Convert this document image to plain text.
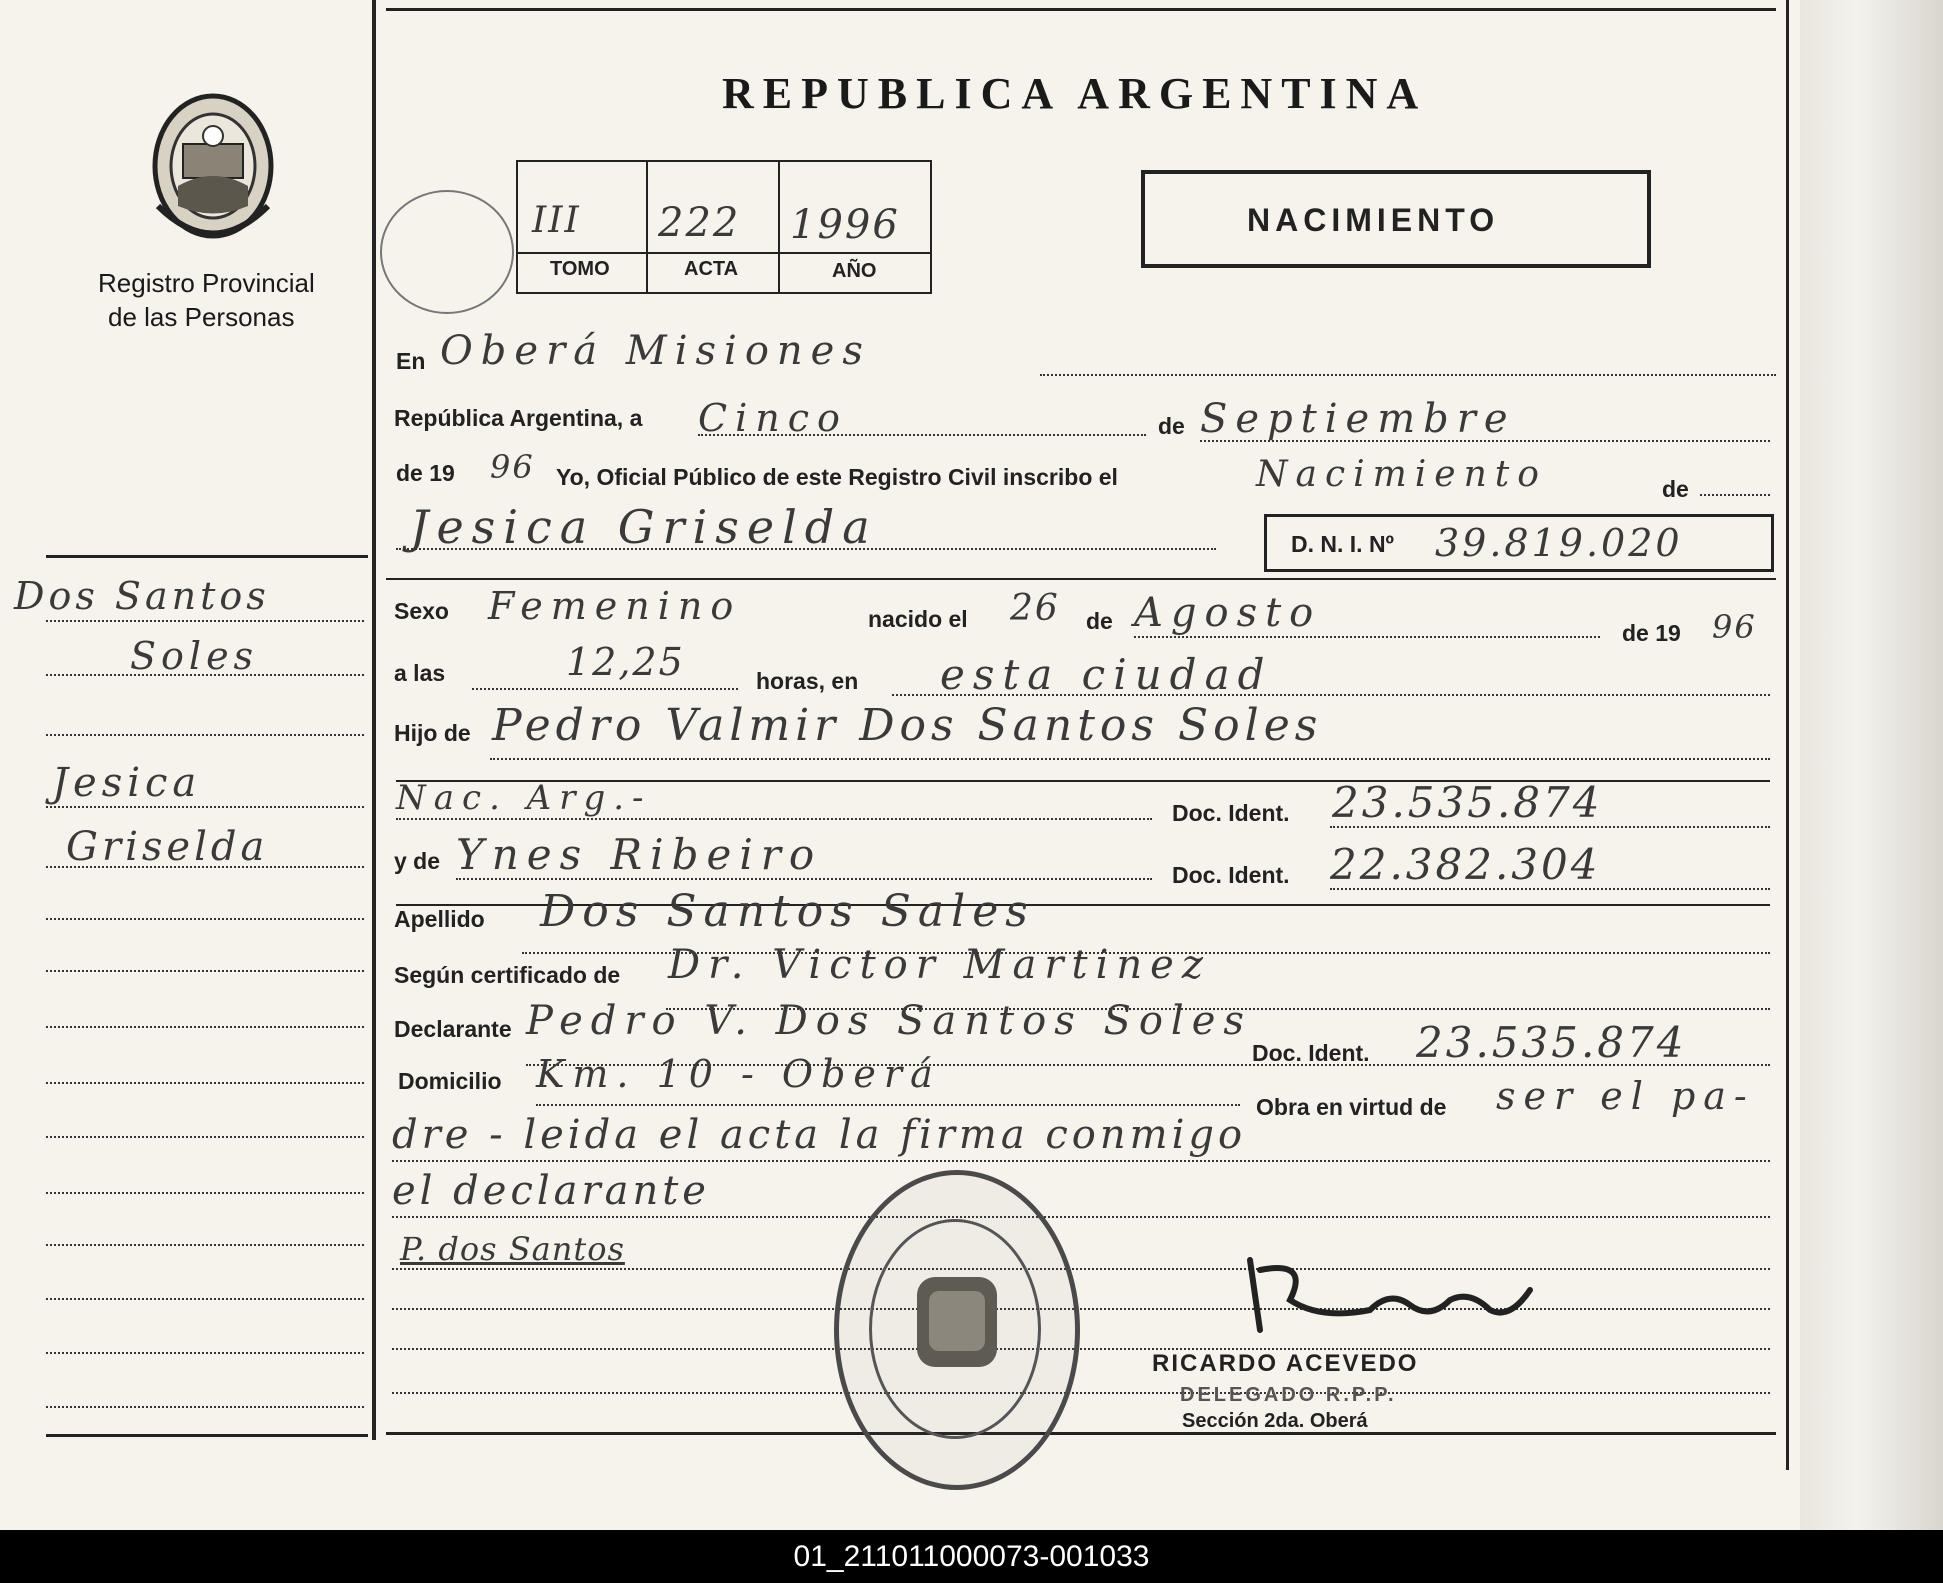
Registro Provincial
de las Personas
REPUBLICA ARGENTINA
III 222 1996
TOMO	ACTA	AÑO
NACIMIENTO
En Oberá Misiones
República Argentina, a Cinco	de Septiembre
de 19 96 Yo, Oficial Público de este Registro Civil inscribo el	Nacimiento	de
Jesica Griselda	D. N. I. Nº 39.819.020
Sexo Femenino	nacido el 26 de Agosto	de 19 96
a las	12,25	horas, en esta ciudad
Hijo de Pedro Valmir Dos Santos Soles
Nac. Arg.-	Doc. Ident. 23.535.874
y de Ynes Ribeiro	Doc. Ident. 22.382.304
Apellido Dos Santos Sales
Según certificado de Dr. Victor Martinez
Declarante Pedro V. Dos Santos Soles
Doc. Ident. 23.535.874
Domicilio Km. 10 - Oberá
Obra en virtud de ser el pa-
dre - leida el acta la firma conmigo
el declarante
P. dos Santos
RICARDO ACEVEDO
DELEGADO R.P.P.
Sección 2da. Oberá
Dos Santos
Soles
Jesica
Griselda
01_211011000073-001033
